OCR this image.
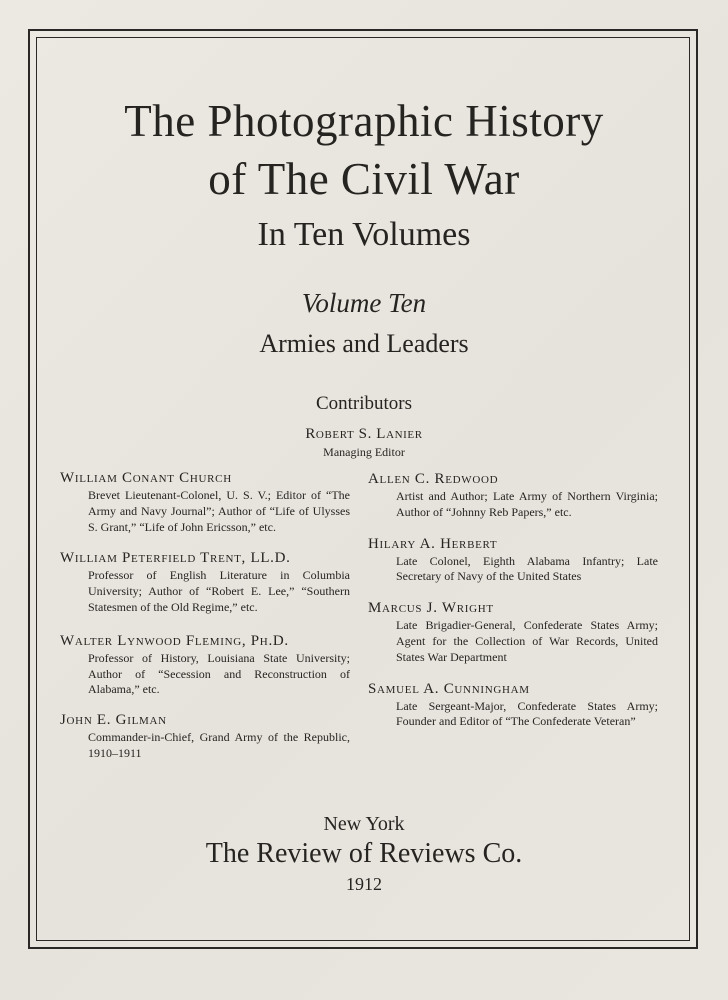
The Photographic History
of The Civil War
In Ten Volumes
Volume Ten
Armies and Leaders
Contributors
Robert S. Lanier
Managing Editor
William Conant Church
Brevet Lieutenant-Colonel, U. S. V.; Editor of “The Army and Navy Journal”; Author of “Life of Ulysses S. Grant,” “Life of John Ericsson,” etc.
William Peterfield Trent, LL.D.
Professor of English Literature in Columbia University; Author of “Robert E. Lee,” “Southern Statesmen of the Old Regime,” etc.
Walter Lynwood Fleming, Ph.D.
Professor of History, Louisiana State University; Author of “Secession and Reconstruction of Alabama,” etc.
John E. Gilman
Commander-in-Chief, Grand Army of the Republic, 1910–1911
Allen C. Redwood
Artist and Author; Late Army of Northern Virginia; Author of “Johnny Reb Papers,” etc.
Hilary A. Herbert
Late Colonel, Eighth Alabama Infantry; Late Secretary of Navy of the United States
Marcus J. Wright
Late Brigadier-General, Confederate States Army; Agent for the Collection of War Records, United States War Department
Samuel A. Cunningham
Late Sergeant-Major, Confederate States Army; Founder and Editor of “The Confederate Veteran”
New York
The Review of Reviews Co.
1912
